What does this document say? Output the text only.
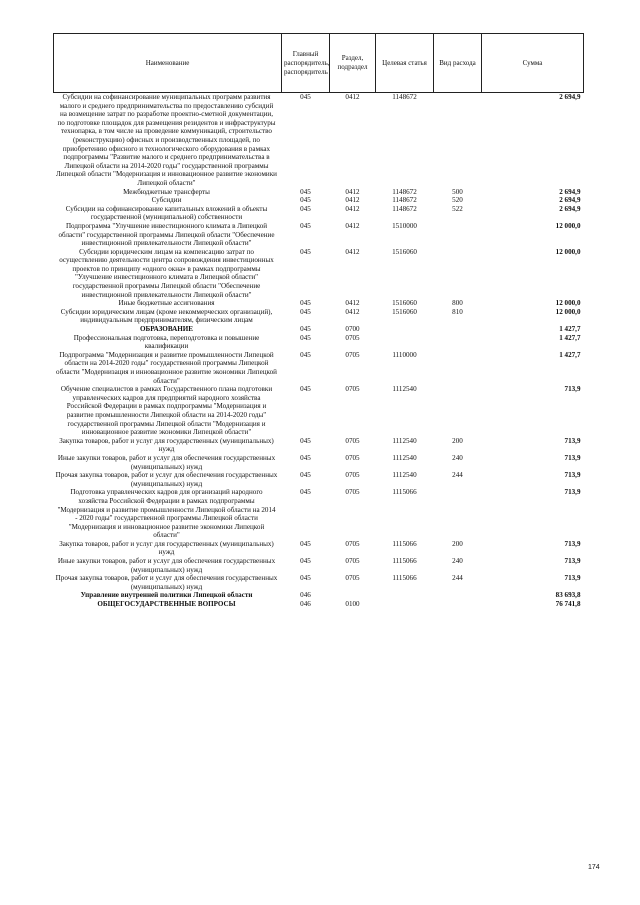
Наименование	Главный распорядитель, распорядитель	Раздел, подраздел	Целевая статья	Вид расхода	Сумма
Субсидии на софинансирование муниципальных программ развития малого и среднего предпринимательства по предоставлению субсидий на возмещение затрат по разработке проектно-сметной документации, по подготовке площадок для размещения резидентов и инфраструктуры технопарка, в том числе на проведение коммуникаций, строительство (реконструкцию) офисных и производственных площадей, по приобретению офисного и технологического оборудования в рамках подпрограммы "Развитие малого и среднего предпринимательства в Липецкой области на 2014-2020 годы" государственной программы Липецкой области "Модернизация и инновационное развитие экономики Липецкой области"	045	0412	1148672		2 694,9
Межбюджетные трансферты	045	0412	1148672	500	2 694,9
Субсидии	045	0412	1148672	520	2 694,9
Субсидии на софинансирование капитальных вложений в объекты государственной (муниципальной) собственности	045	0412	1148672	522	2 694,9
Подпрограмма "Улучшение инвестиционного климата в Липецкой области" государственной программы Липецкой области "Обеспечение инвестиционной привлекательности Липецкой области"	045	0412	1510000		12 000,0
Субсидии юридическим лицам на компенсацию затрат по осуществлению деятельности центра сопровождения инвестиционных проектов по принципу «одного окна» в рамках подпрограммы "Улучшение инвестиционного климата в Липецкой области" государственной программы Липецкой области "Обеспечение инвестиционной привлекательности Липецкой области"	045	0412	1516060		12 000,0
Иные бюджетные ассигнования	045	0412	1516060	800	12 000,0
Субсидии юридическим лицам (кроме некоммерческих организаций), индивидуальным предпринимателям, физическим лицам	045	0412	1516060	810	12 000,0
ОБРАЗОВАНИЕ	045	0700			1 427,7
Профессиональная подготовка, переподготовка и повышение квалификации	045	0705			1 427,7
Подпрограмма "Модернизация и развитие промышленности Липецкой области на 2014-2020 годы" государственной программы Липецкой области "Модернизация и инновационное развитие экономики Липецкой области"	045	0705	1110000		1 427,7
Обучение специалистов в рамках Государственного плана подготовки управленческих кадров для предприятий народного хозяйства Российской Федерации в рамках подпрограммы "Модернизация и развитие промышленности Липецкой области на 2014-2020 годы" государственной программы Липецкой области "Модернизация и инновационное развитие экономики Липецкой области"	045	0705	1112540		713,9
Закупка товаров, работ и услуг для государственных (муниципальных) нужд	045	0705	1112540	200	713,9
Иные закупки товаров, работ и услуг для обеспечения государственных (муниципальных) нужд	045	0705	1112540	240	713,9
Прочая закупка товаров, работ и услуг для обеспечения государственных (муниципальных) нужд	045	0705	1112540	244	713,9
Подготовка управленческих кадров для организаций народного хозяйства Российской Федерации в рамках подпрограммы "Модернизация и развитие промышленности Липецкой области на 2014 - 2020 годы" государственной программы Липецкой области "Модернизация и инновационное развитие экономики Липецкой области"	045	0705	1115066		713,9
Закупка товаров, работ и услуг для государственных (муниципальных) нужд	045	0705	1115066	200	713,9
Иные закупки товаров, работ и услуг для обеспечения государственных (муниципальных) нужд	045	0705	1115066	240	713,9
Прочая закупка товаров, работ и услуг для обеспечения государственных (муниципальных) нужд	045	0705	1115066	244	713,9
Управление внутренней политики Липецкой области	046				83 693,8
ОБЩЕГОСУДАРСТВЕННЫЕ ВОПРОСЫ	046	0100			76 741,8
174
